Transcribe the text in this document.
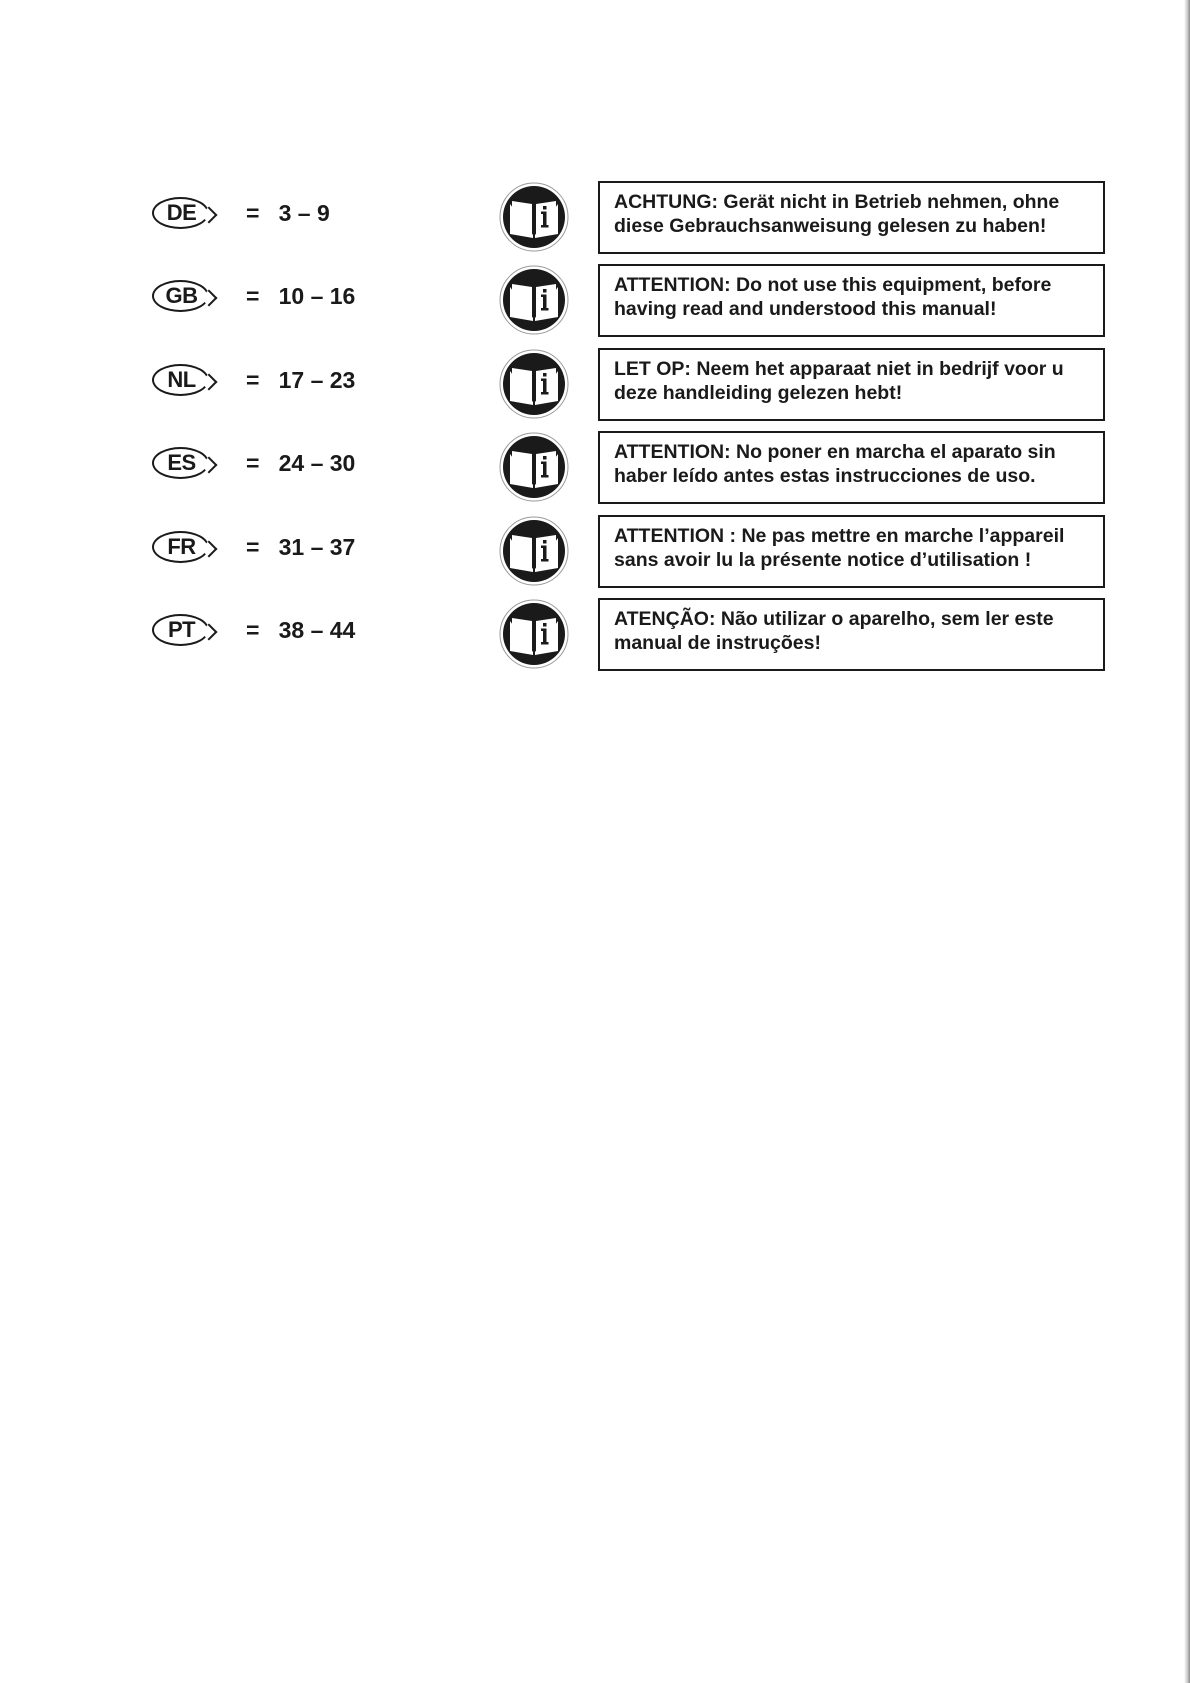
DE =   3 – 9	ACHTUNG: Gerät nicht in Betrieb nehmen, ohne
diese Gebrauchsanweisung gelesen zu haben!
GB =   10 – 16	ATTENTION: Do not use this equipment, before
having read and understood this manual!
NL =   17 – 23	LET OP: Neem het apparaat niet in bedrijf voor u
deze handleiding gelezen hebt!
ES =   24 – 30	ATTENTION: No poner en marcha el aparato sin
haber leído antes estas instrucciones de uso.
FR =   31 – 37	ATTENTION : Ne pas mettre en marche l’appareil
sans avoir lu la présente notice d’utilisation !
PT =   38 – 44	ATENÇÃO: Não utilizar o aparelho, sem ler este
manual de instruções!
